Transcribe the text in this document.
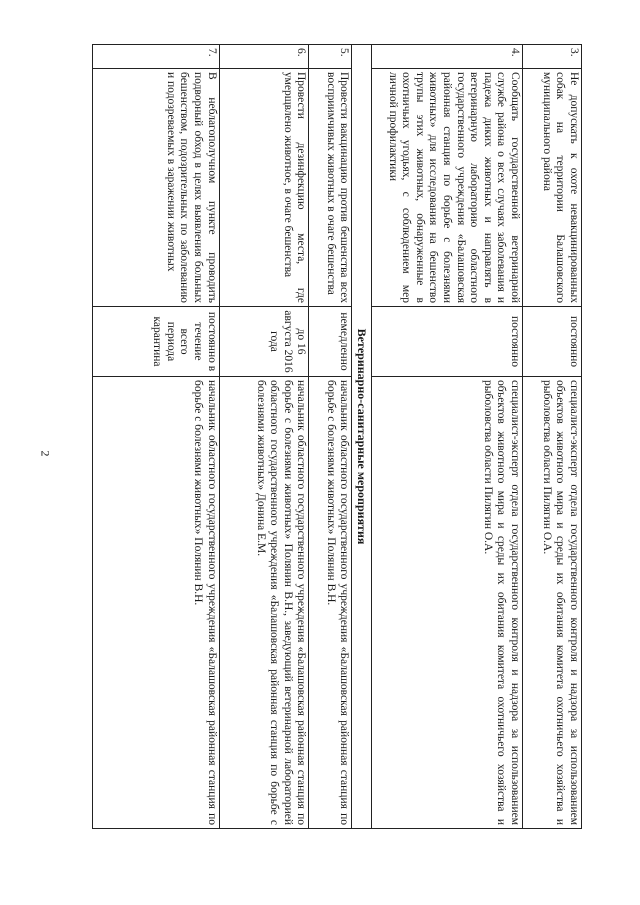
2
3.	Не допускать к охоте невакцинированных собак на территории Балашовского муниципального района	постоянно	специалист-эксперт отдела государственного контроля и надзора за использованием объектов животного мира и среды их обитания комитета охотничьего хозяйства и рыболовства области Пилягин О.А.
4.	Сообщать государственной ветеринарной службе района о всех случаях заболевания и падежа диких животных и направлять в ветеринарную лабораторию областного государственного учреждения «Балашовская районная станция по борьбе с болезнями животных» для исследования на бешенство трупы этих животных, обнаруженные в охотничьих угодьях, с соблюдением мер личной профилактики	постоянно	специалист-эксперт отдела государственного контроля и надзора за использованием объектов животного мира и среды их обитания комитета охотничьего хозяйства и рыболовства области Пилягин О.А.
Ветеринарно-санитарные мероприятия			
5.	Провести вакцинацию против бешенства всех восприимчивых животных в очаге бешенства	немедленно	начальник областного государственного учреждения «Балашовская районная станция по борьбе с болезнями животных» Полянин В.Н.
6.	Провести дезинфекцию места, где умерщвлено животное, в очаге бешенства	до 16 августа 2016 года	начальник областного государственного учреждения «Балашовская районная станция по борьбе с болезнями животных» Полянин В.Н., заведующий ветеринарной лабораторией областного государственного учреждения «Балашовская районная станция по борьбе с болезнями животных» Донина Е.М.
7.	В неблагополучном пункте проводить подворный обход в целях выявления больных бешенством, подозрительных по заболеванию и подозреваемых в заражении животных	постоянно в течение всего периода карантина	начальник областного государственного учреждения «Балашовская районная станция по борьбе с болезнями животных» Полянин В.Н.
